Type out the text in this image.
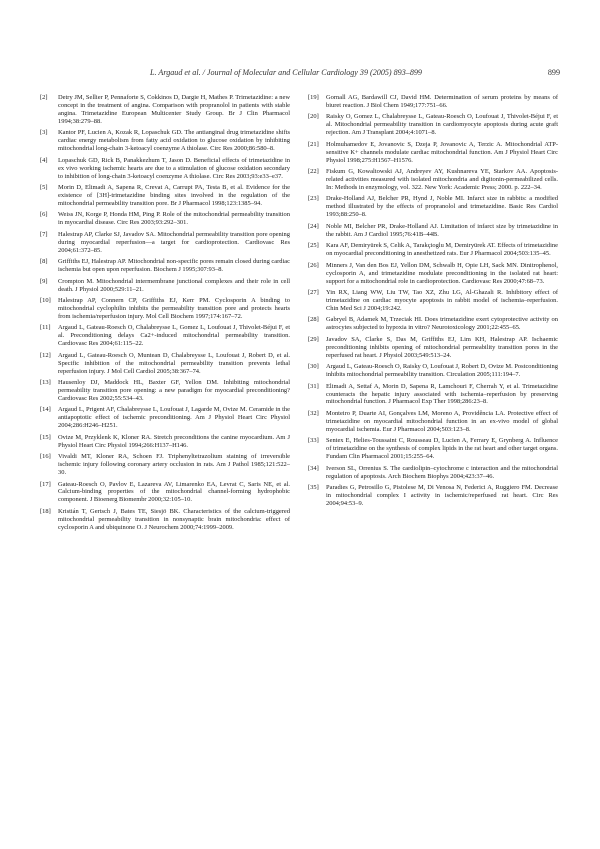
L. Argaud et al. / Journal of Molecular and Cellular Cardiology 39 (2005) 893–899	899
[2] Detry JM, Sellier P, Pennaforte S, Cokkinos D, Dargie H, Mathes P. Trimetazidine: a new concept in the treatment of angina. Comparison with propranolol in patients with stable angina. Trimetazidine European Multicenter Study Group. Br J Clin Pharmacol 1994;38:279–88.
[3] Kantor PF, Lucien A, Kozak R, Lopaschuk GD. The antianginal drug trimetazidine shifts cardiac energy metabolism from fatty acid oxidation to glucose oxidation by inhibiting mitochondrial long-chain 3-ketoacyl coenzyme A thiolase. Circ Res 2000;86:580–8.
[4] Lopaschuk GD, Rick B, Panakkezhum T, Jason D. Beneficial effects of trimetazidine in ex vivo working ischemic hearts are due to a stimulation of glucose oxidation secondary to inhibition of long-chain 3-ketoacyl coenzyme A thiolase. Circ Res 2003;93:e33–e37.
[5] Morin D, Elimadi A, Sapena R, Crevat A, Carrupt PA, Testa B, et al. Evidence for the existence of [3H]-trimetazidine binding sites involved in the regulation of the mitochondrial permeability transition pore. Br J Pharmacol 1998;123:1385–94.
[6] Weiss JN, Korge P, Honda HM, Ping P. Role of the mitochondrial permeability transition in myocardial disease. Circ Res 2003;93:292–301.
[7] Halestrap AP, Clarke SJ, Javadov SA. Mitochondrial permeability transition pore opening during myocardial reperfusion—a target for cardioprotection. Cardiovasc Res 2004;61:372–85.
[8] Griffiths EJ, Halestrap AP. Mitochondrial non-specific pores remain closed during cardiac ischemia but open upon reperfusion. Biochem J 1995;307:93–8.
[9] Crompton M. Mitochondrial intermembrane junctional complexes and their role in cell death. J Physiol 2000;529:11–21.
[10] Halestrap AP, Connern CP, Griffiths EJ, Kerr PM. Cyclosporin A binding to mitochondrial cyclophilin inhibits the permeability transition pore and protects hearts from ischemia/reperfusion injury. Mol Cell Biochem 1997;174:167–72.
[11] Argaud L, Gateau-Roesch O, Chalabreysse L, Gomez L, Loufouat J, Thivolet-Béjui F, et al. Preconditioning delays Ca2+-induced mitochondrial permeability transition. Cardiovasc Res 2004;61:115–22.
[12] Argaud L, Gateau-Roesch O, Muntean D, Chalabreysse L, Loufouat J, Robert D, et al. Specific inhibition of the mitochondrial permeability transition prevents lethal reperfusion injury. J Mol Cell Cardiol 2005;38:367–74.
[13] Hausenloy DJ, Maddock HL, Baxter GF, Yellon DM. Inhibiting mitochondrial permeability transition pore opening: a new paradigm for myocardial preconditioning? Cardiovasc Res 2002;55:534–43.
[14] Argaud L, Prigent AF, Chalabreysse L, Loufouat J, Lagarde M, Ovize M. Ceramide in the antiapoptotic effect of ischemic preconditioning. Am J Physiol Heart Circ Physiol 2004;286:H246–H251.
[15] Ovize M, Przyklenk K, Kloner RA. Stretch preconditions the canine myocardium. Am J Physiol Heart Circ Physiol 1994;266:H137–H146.
[16] Vivaldi MT, Kloner RA, Schoen FJ. Triphenyltetrazolium staining of irreversible ischemic injury following coronary artery occlusion in rats. Am J Pathol 1985;121:522–30.
[17] Gateau-Roesch O, Pavlov E, Lazareva AV, Limarenko EA, Levrat C, Saris NE, et al. Calcium-binding properties of the mitochondrial channel-forming hydrophobic component. J Bioenerg Biomembr 2000;32:105–10.
[18] Kristián T, Gertsch J, Bates TE, Siesjö BK. Characteristics of the calcium-triggered mitochondrial permeability transition in nonsynaptic brain mitochondria: effect of cyclosporin A and ubiquinone O. J Neurochem 2000;74:1999–2009.
[19] Gornall AG, Bardawill CJ, David HM. Determination of serum proteins by means of biuret reaction. J Biol Chem 1949;177:751–66.
[20] Raisky O, Gomez L, Chalabreysse L, Gateau-Roesch O, Loufouat J, Thivolet-Béjui F, et al. Mitochondrial permeability transition in cardiomyocyte apoptosis during acute graft rejection. Am J Transplant 2004;4:1071–8.
[21] Holmuhamedov E, Jovanovic S, Dzeja P, Jovanovic A, Terzic A. Mitochondrial ATP-sensitive K+ channels modulate cardiac mitochondrial function. Am J Physiol Heart Circ Physiol 1998;275:H1567–H1576.
[22] Fiskum G, Kowaltowski AJ, Andreyev AY, Kushnareva YE, Starkov AA. Apoptosis-related activities measured with isolated mitochondria and digitonin-permeabilized cells. In: Methods in enzymology, vol. 322. New York: Academic Press; 2000. p. 222–34.
[23] Drake-Holland AJ, Belcher PR, Hynd J, Noble MI. Infarct size in rabbits: a modified method illustrated by the effects of propranolol and trimetazidine. Basic Res Cardiol 1993;88:250–8.
[24] Noble MI, Belcher PR, Drake-Holland AJ. Limitation of infarct size by trimetazidine in the rabbit. Am J Cardiol 1995;76:41B–44B.
[25] Kara AF, Demiryürek S, Celik A, Tarakçioglu M, Demiryürek AT. Effects of trimetazidine on myocardial preconditioning in anesthetized rats. Eur J Pharmacol 2004;503:135–45.
[26] Minners J, Van den Bos EJ, Yellon DM, Schwalb H, Opie LH, Sack MN. Dinitrophenol, cyclosporin A, and trimetazidine modulate preconditioning in the isolated rat heart: support for a mitochondrial role in cardioprotection. Cardiovasc Res 2000;47:68–73.
[27] Yin RX, Liang WW, Liu TW, Tao XZ, Zhu LG, Al-Ghazali R. Inhibitory effect of trimetazidine on cardiac myocyte apoptosis in rabbit model of ischemia–reperfusion. Chin Med Sci J 2004;19:242.
[28] Gabryel B, Adamek M, Trzeciak HI. Does trimetazidine exert cytoprotective activity on astrocytes subjected to hypoxia in vitro? Neurotoxicology 2001;22:455–65.
[29] Javadov SA, Clarke S, Das M, Griffiths EJ, Lim KH, Halestrap AP. Ischaemic preconditioning inhibits opening of mitochondrial permeability transition pores in the reperfused rat heart. J Physiol 2003;549:513–24.
[30] Argaud L, Gateau-Roesch O, Raisky O, Loufouat J, Robert D, Ovize M. Postconditioning inhibits mitochondrial permeability transition. Circulation 2005;111:194–7.
[31] Elimadi A, Settaf A, Morin D, Sapena R, Lamchouri F, Cherrah Y, et al. Trimetazidine counteracts the hepatic injury associated with ischemia–reperfusion by preserving mitochondrial function. J Pharmacol Exp Ther 1998;286:23–8.
[32] Monteiro P, Duarte AI, Gonçalves LM, Moreno A, Providência LA. Protective effect of trimetazidine on myocardial mitochondrial function in an ex-vivo model of global myocardial ischemia. Eur J Pharmacol 2004;503:123–8.
[33] Sentex E, Helies-Toussaint C, Rousseau D, Lucien A, Ferrary E, Grynberg A. Influence of trimetazidine on the synthesis of complex lipids in the rat heart and other target organs. Fundam Clin Pharmacol 2001;15:255–64.
[34] Iverson SL, Orrenius S. The cardiolipin–cytochrome c interaction and the mitochondrial regulation of apoptosis. Arch Biochem Biophys 2004;423:37–46.
[35] Paradies G, Petrosillo G, Pistolese M, Di Venosa N, Federici A, Ruggiero FM. Decrease in mitochondrial complex I activity in ischemic/reperfused rat heart. Circ Res 2004;94:53–9.
